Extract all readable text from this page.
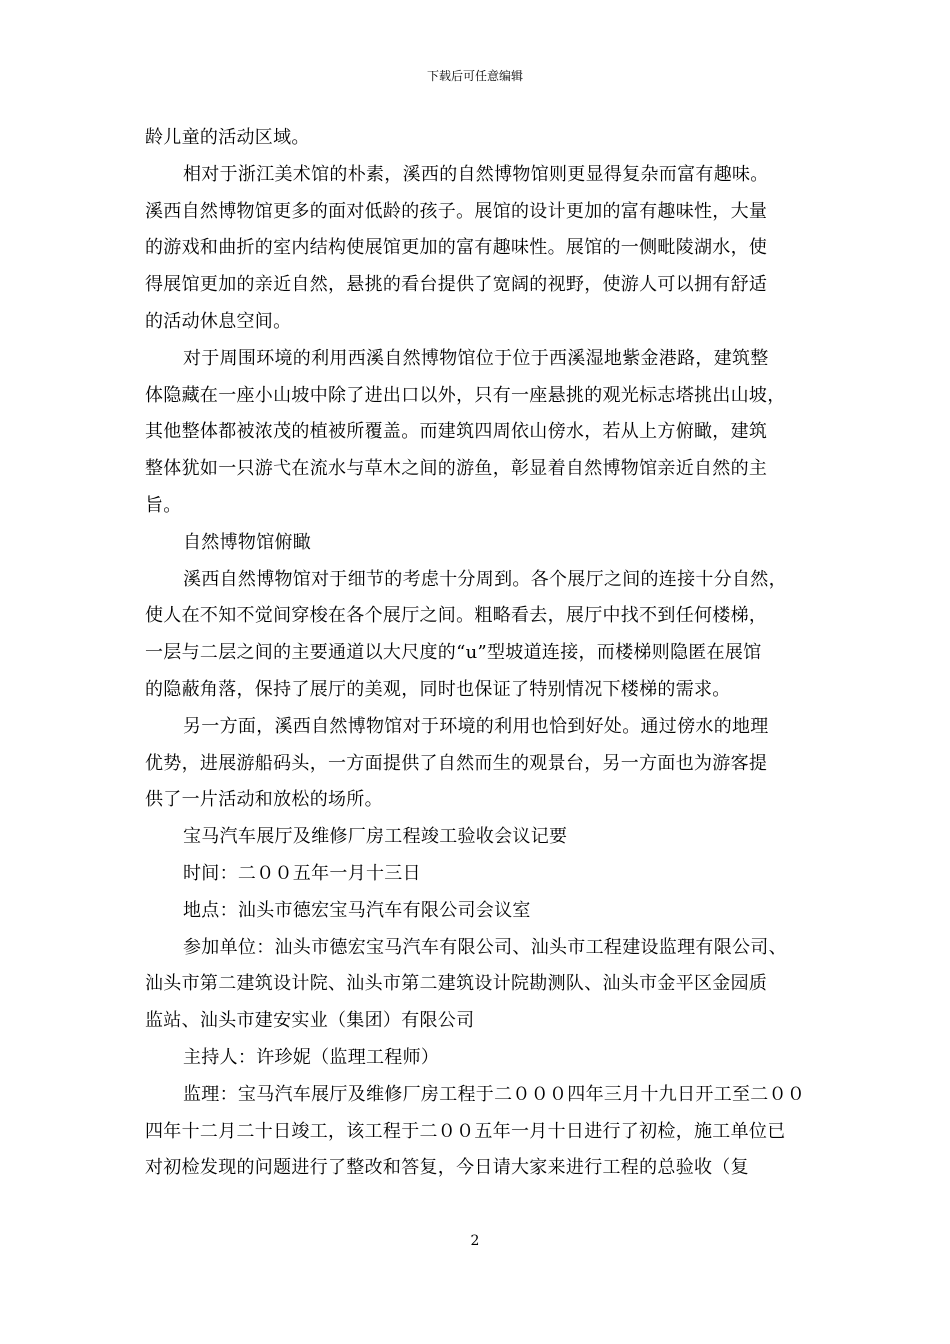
下载后可任意编辑
龄儿童的活动区域。
相对于浙江美术馆的朴素，溪西的自然博物馆则更显得复杂而富有趣味。
溪西自然博物馆更多的面对低龄的孩子。展馆的设计更加的富有趣味性，大量
的游戏和曲折的室内结构使展馆更加的富有趣味性。展馆的一侧毗陵湖水，使
得展馆更加的亲近自然，悬挑的看台提供了宽阔的视野，使游人可以拥有舒适
的活动休息空间。
对于周围环境的利用西溪自然博物馆位于位于西溪湿地紫金港路，建筑整
体隐藏在一座小山坡中除了进出口以外，只有一座悬挑的观光标志塔挑出山坡，
其他整体都被浓茂的植被所覆盖。而建筑四周依山傍水，若从上方俯瞰，建筑
整体犹如一只游弋在流水与草木之间的游鱼，彰显着自然博物馆亲近自然的主
旨。
自然博物馆俯瞰
溪西自然博物馆对于细节的考虑十分周到。各个展厅之间的连接十分自然，
使人在不知不觉间穿梭在各个展厅之间。粗略看去，展厅中找不到任何楼梯，
一层与二层之间的主要通道以大尺度的“u”型坡道连接，而楼梯则隐匿在展馆
的隐蔽角落，保持了展厅的美观，同时也保证了特别情况下楼梯的需求。
另一方面，溪西自然博物馆对于环境的利用也恰到好处。通过傍水的地理
优势，进展游船码头，一方面提供了自然而生的观景台，另一方面也为游客提
供了一片活动和放松的场所。
宝马汽车展厅及维修厂房工程竣工验收会议记要
时间：二００五年一月十三日
地点：汕头市德宏宝马汽车有限公司会议室
参加单位：汕头市德宏宝马汽车有限公司、汕头市工程建设监理有限公司、
汕头市第二建筑设计院、汕头市第二建筑设计院勘测队、汕头市金平区金园质
监站、汕头市建安实业（集团）有限公司
主持人：许珍妮（监理工程师）
监理：宝马汽车展厅及维修厂房工程于二０００四年三月十九日开工至二００
四年十二月二十日竣工，该工程于二００五年一月十日进行了初检，施工单位已
对初检发现的问题进行了整改和答复，今日请大家来进行工程的总验收（复
2
